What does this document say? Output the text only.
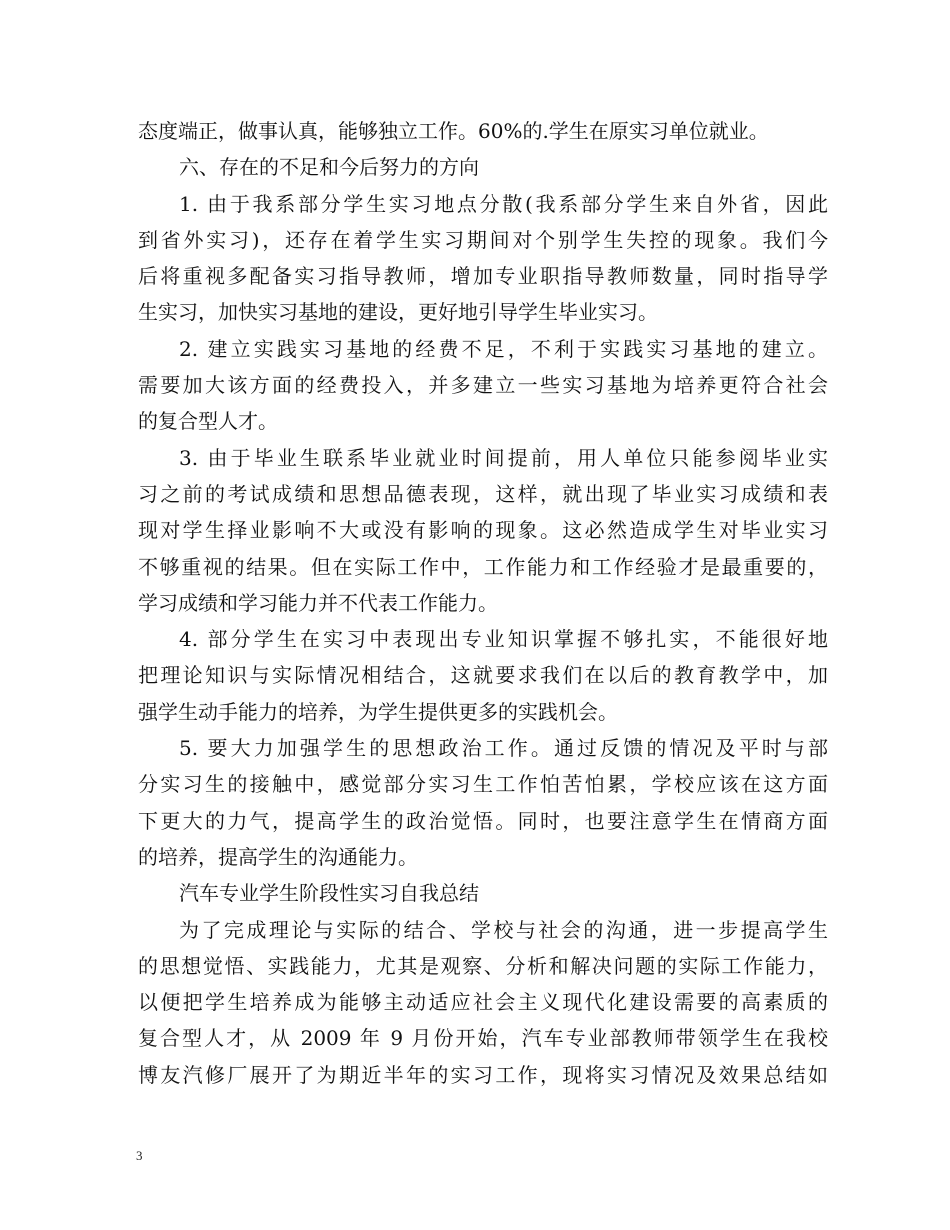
态度端正，做事认真，能够独立工作。60%的.学生在原实习单位就业。
六、存在的不足和今后努力的方向
1. 由于我系部分学生实习地点分散(我系部分学生来自外省，因此
到省外实习)，还存在着学生实习期间对个别学生失控的现象。我们今
后将重视多配备实习指导教师，增加专业职指导教师数量，同时指导学
生实习，加快实习基地的建设，更好地引导学生毕业实习。
2. 建立实践实习基地的经费不足，不利于实践实习基地的建立。
需要加大该方面的经费投入，并多建立一些实习基地为培养更符合社会
的复合型人才。
3. 由于毕业生联系毕业就业时间提前，用人单位只能参阅毕业实
习之前的考试成绩和思想品德表现，这样，就出现了毕业实习成绩和表
现对学生择业影响不大或没有影响的现象。这必然造成学生对毕业实习
不够重视的结果。但在实际工作中，工作能力和工作经验才是最重要的，
学习成绩和学习能力并不代表工作能力。
4. 部分学生在实习中表现出专业知识掌握不够扎实，不能很好地
把理论知识与实际情况相结合，这就要求我们在以后的教育教学中，加
强学生动手能力的培养，为学生提供更多的实践机会。
5. 要大力加强学生的思想政治工作。通过反馈的情况及平时与部
分实习生的接触中，感觉部分实习生工作怕苦怕累，学校应该在这方面
下更大的力气，提高学生的政治觉悟。同时，也要注意学生在情商方面
的培养，提高学生的沟通能力。
汽车专业学生阶段性实习自我总结
为了完成理论与实际的结合、学校与社会的沟通，进一步提高学生
的思想觉悟、实践能力，尤其是观察、分析和解决问题的实际工作能力，
以便把学生培养成为能够主动适应社会主义现代化建设需要的高素质的
复合型人才，从 2009 年 9 月份开始，汽车专业部教师带领学生在我校
博友汽修厂展开了为期近半年的实习工作，现将实习情况及效果总结如
3
